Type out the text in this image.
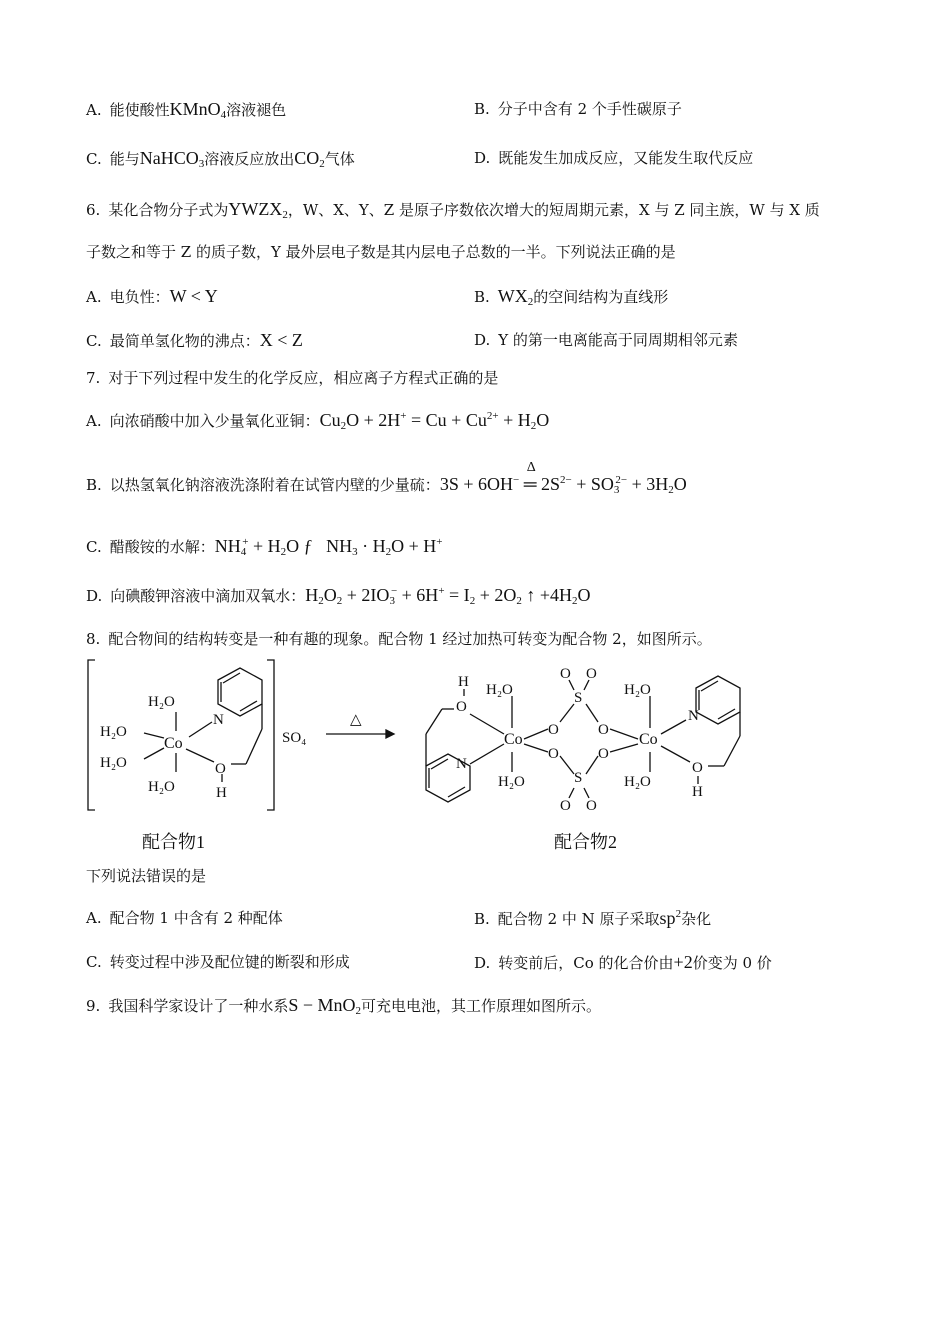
A. 能使酸性KMnO$_4$溶液褪色	B. 分子中含有 2 个手性碳原子
C. 能与NaHCO$_3$溶液反应放出$CO_2$气体	D. 既能发生加成反应，又能发生取代反应
6. 某化合物分子式为$YWZX_2$，W、X、Y、Z 是原子序数依次增大的短周期元素，X 与 Z 同主族，W 与 X 质
子数之和等于 Z 的质子数，Y 最外层电子数是其内层电子总数的一半。下列说法正确的是
A. 电负性：W < Y	B. $WX_2$的空间结构为直线形
C. 最简单氢化物的沸点：X < Z	D. Y 的第一电离能高于同周期相邻元素
7. 对于下列过程中发生的化学反应，相应离子方程式正确的是
A. 向浓硝酸中加入少量氧化亚铜：$Cu_2O + 2H^+ = Cu + Cu^{2+} + H_2O$
B. 以热氢氧化钠溶液洗涤附着在试管内壁的少量硫：3S + 6OH−
Δ
═ $2S^{2-} + SO_3^{2-} + 3H_2O$
C. 醋酸铵的水解：$NH_4^+ + H_2O$ ƒ   $NH_3 \cdot H_2O + H^+$
D. 向碘酸钾溶液中滴加双氧水：$H_2O_2 + 2IO_3^- + 6H^+ = I_2 + 2O_2$ ↑ $+4H_2O$
8. 配合物间的结构转变是一种有趣的现象。配合物 1 经过加热可转变为配合物 2，如图所示。
H₂O
H₂O
H₂O
H₂O
Co
N
O
H
SO₄
△
H
O
N
H₂O
Co
H₂O
O
O
S
S
O O
O O
O
O
H₂O
Co
H₂O
N
O
H
配合物1	配合物2
下列说法错误的是
A. 配合物 1 中含有 2 种配体	B. 配合物 2 中 N 原子采取$sp^2$杂化
C. 转变过程中涉及配位键的断裂和形成	D. 转变前后，Co 的化合价由+2价变为 0 价
9. 我国科学家设计了一种水系S − MnO$_2$可充电电池，其工作原理如图所示。
